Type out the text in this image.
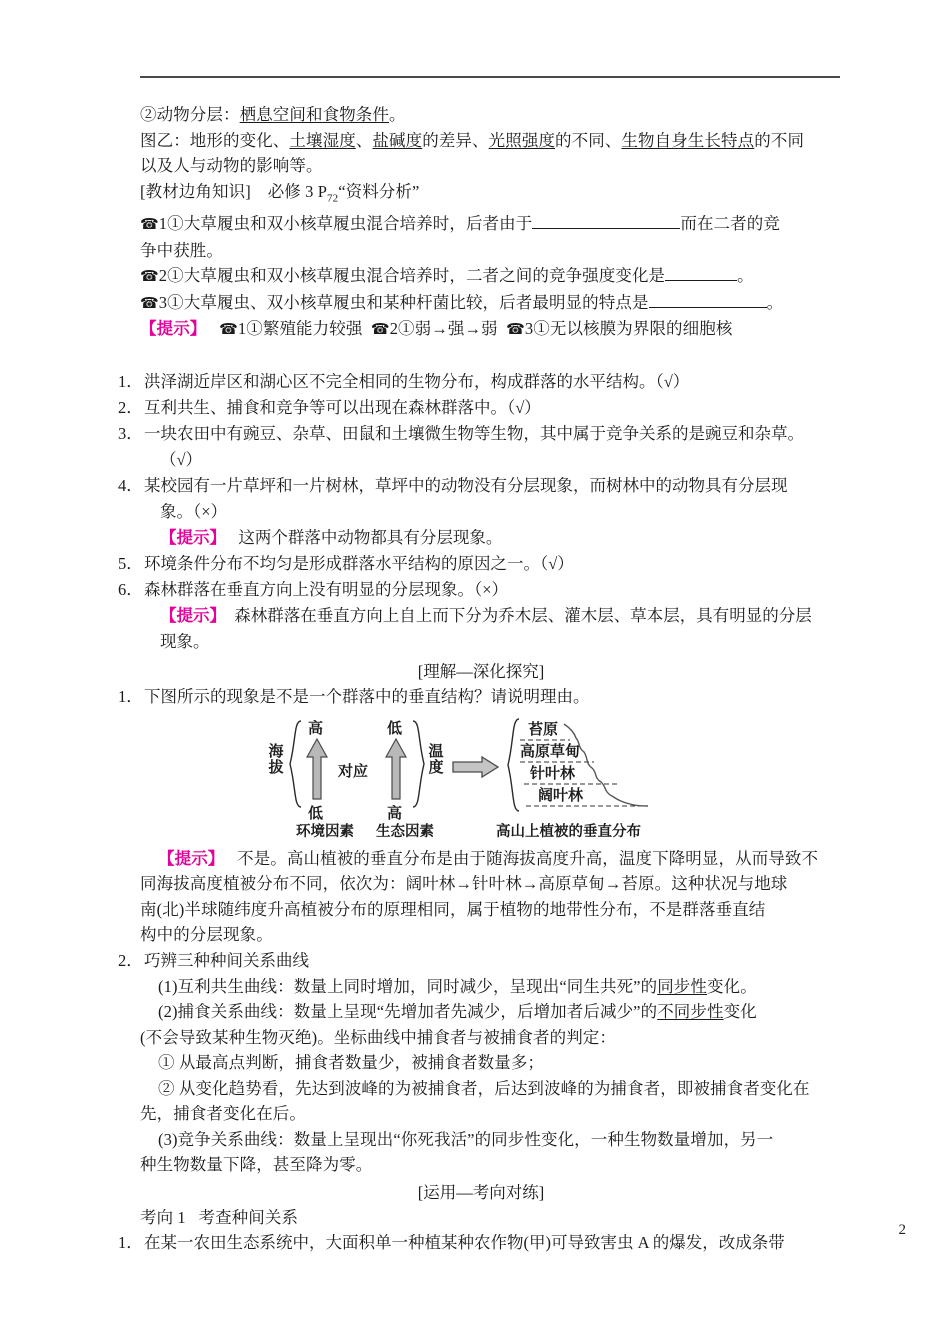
②动物分层：栖息空间和食物条件。
图乙：地形的变化、土壤湿度、盐碱度的差异、光照强度的不同、生物自身生长特点的不同
以及人与动物的影响等。
[教材边角知识] 必修 3 $P_{72}“$资料分析”
☎1①大草履虫和双小核草履虫混合培养时，后者由于	而在二者的竞
争中获胜。
☎2①大草履虫和双小核草履虫混合培养时，二者之间的竞争强度变化是	。
☎3①大草履虫、双小核草履虫和某种杆菌比较，后者最明显的特点是	。
【提示】 ☎1①繁殖能力较强 ☎2①弱→强→弱 ☎3①无以核膜为界限的细胞核
1． 洪泽湖近岸区和湖心区不完全相同的生物分布，构成群落的水平结构。（√）
2． 互利共生、捕食和竞争等可以出现在森林群落中。（√）
3． 一块农田中有豌豆、杂草、田鼠和土壤微生物等生物，其中属于竞争关系的是豌豆和杂草。
（√）
4． 某校园有一片草坪和一片树林，草坪中的动物没有分层现象，而树林中的动物具有分层现
象。（×）
【提示】 这两个群落中动物都具有分层现象。
5． 环境条件分布不均匀是形成群落水平结构的原因之一。（√）
6． 森林群落在垂直方向上没有明显的分层现象。（×）
【提示】 森林群落在垂直方向上自上而下分为乔木层、灌木层、草本层，具有明显的分层
现象。
[理解—深化探究]
1． 下图所示的现象是不是一个群落中的垂直结构？请说明理由。
海拔
高
低
对应
低
高
温度
苔原
高原草甸
针叶林
阔叶林
环境因素 生态因素	高山上植被的垂直分布
【提示】 不是。高山植被的垂直分布是由于随海拔高度升高，温度下降明显，从而导致不
同海拔高度植被分布不同，依次为：阔叶林→针叶林→高原草甸→苔原。这种状况与地球
南(北)半球随纬度升高植被分布的原理相同，属于植物的地带性分布，不是群落垂直结
构中的分层现象。
2． 巧辨三种种间关系曲线
(1)互利共生曲线：数量上同时增加，同时减少，呈现出“同生共死”的同步性变化。
(2)捕食关系曲线：数量上呈现“先增加者先减少，后增加者后减少”的不同步性变化
(不会导致某种生物灭绝)。坐标曲线中捕食者与被捕食者的判定：
① 从最高点判断，捕食者数量少，被捕食者数量多；
② 从变化趋势看，先达到波峰的为被捕食者，后达到波峰的为捕食者，即被捕食者变化在
先，捕食者变化在后。
(3)竞争关系曲线：数量上呈现出“你死我活”的同步性变化，一种生物数量增加，另一
种生物数量下降，甚至降为零。
[运用—考向对练]
考向 1 考查种间关系
1． 在某一农田生态系统中，大面积单一种植某种农作物(甲)可导致害虫 A 的爆发，改成条带
2
